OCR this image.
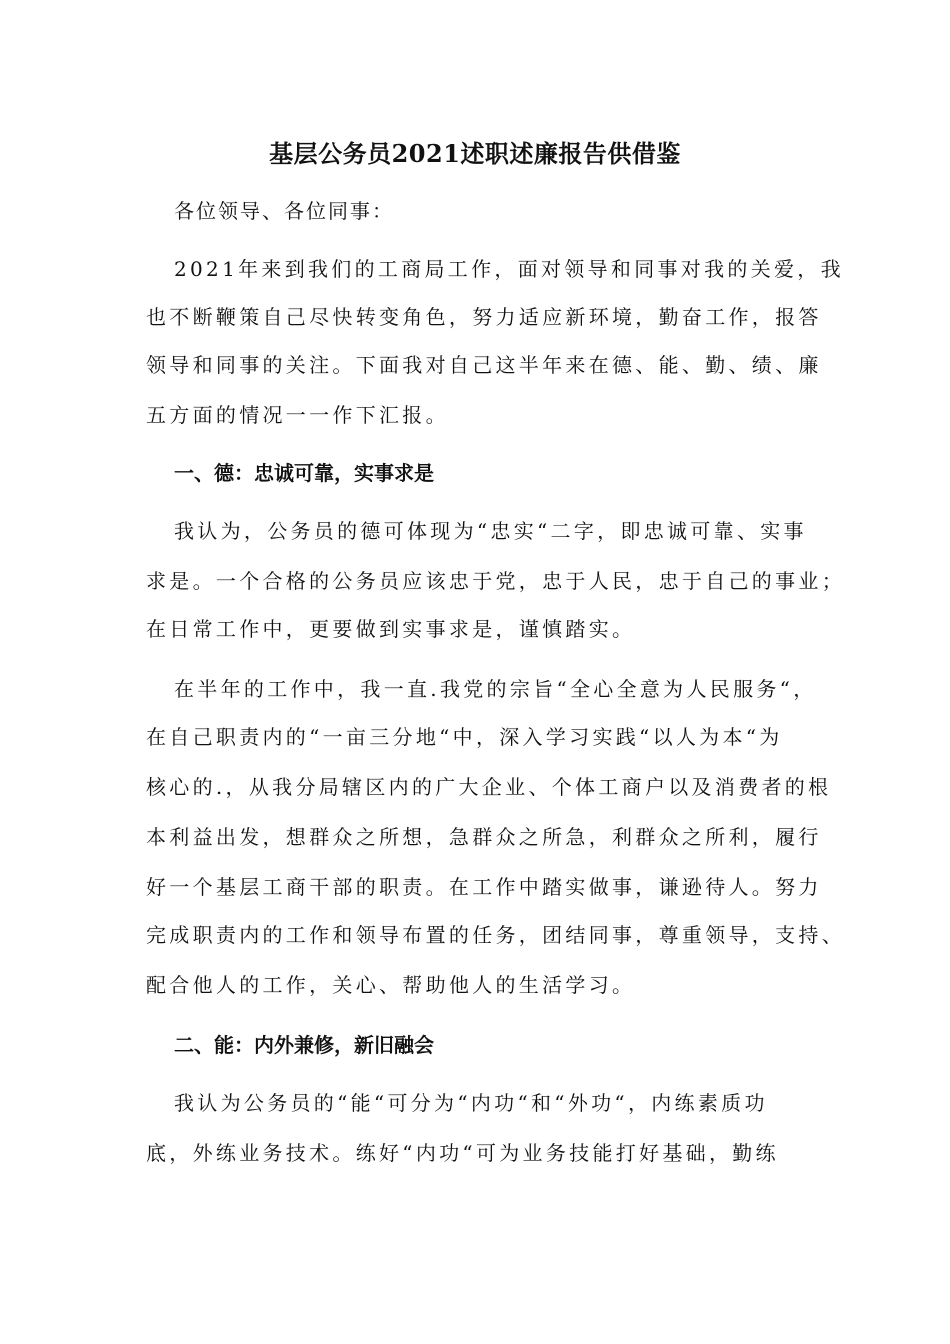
基层公务员2021述职述廉报告供借鉴
各位领导、各位同事：
2021年来到我们的工商局工作，面对领导和同事对我的关爱，我
也不断鞭策自己尽快转变角色，努力适应新环境，勤奋工作，报答
领导和同事的关注。下面我对自己这半年来在德、能、勤、绩、廉
五方面的情况一一作下汇报。
一、德：忠诚可靠，实事求是
我认为，公务员的德可体现为“忠实“二字，即忠诚可靠、实事
求是。一个合格的公务员应该忠于党，忠于人民，忠于自己的事业；
在日常工作中，更要做到实事求是，谨慎踏实。
在半年的工作中，我一直.我党的宗旨“全心全意为人民服务“，
在自己职责内的“一亩三分地“中，深入学习实践“以人为本“为
核心的.，从我分局辖区内的广大企业、个体工商户以及消费者的根
本利益出发，想群众之所想，急群众之所急，利群众之所利，履行
好一个基层工商干部的职责。在工作中踏实做事，谦逊待人。努力
完成职责内的工作和领导布置的任务，团结同事，尊重领导，支持、
配合他人的工作，关心、帮助他人的生活学习。
二、能：内外兼修，新旧融会
我认为公务员的“能“可分为“内功“和“外功“，内练素质功
底，外练业务技术。练好“内功“可为业务技能打好基础，勤练
